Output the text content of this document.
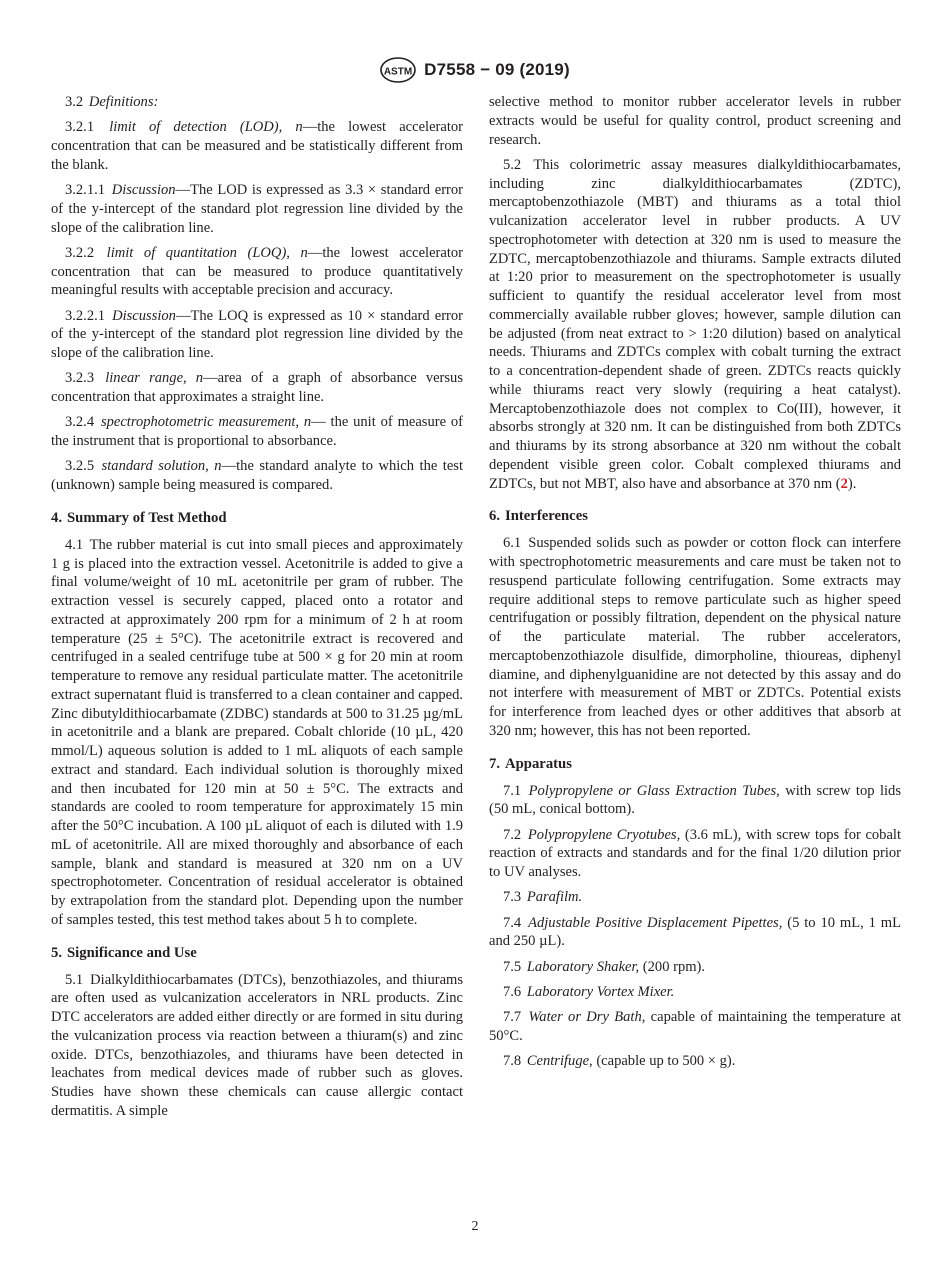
ASTM D7558 − 09 (2019)

3.2 Definitions:

3.2.1 limit of detection (LOD), n—the lowest accelerator concentration that can be measured and be statistically different from the blank.

3.2.1.1 Discussion—The LOD is expressed as 3.3 × standard error of the y-intercept of the standard plot regression line divided by the slope of the calibration line.

3.2.2 limit of quantitation (LOQ), n—the lowest accelerator concentration that can be measured to produce quantitatively meaningful results with acceptable precision and accuracy.

3.2.2.1 Discussion—The LOQ is expressed as 10 × standard error of the y-intercept of the standard plot regression line divided by the slope of the calibration line.

3.2.3 linear range, n—area of a graph of absorbance versus concentration that approximates a straight line.

3.2.4 spectrophotometric measurement, n— the unit of measure of the instrument that is proportional to absorbance.

3.2.5 standard solution, n—the standard analyte to which the test (unknown) sample being measured is compared.

4. Summary of Test Method

4.1 The rubber material is cut into small pieces and approximately 1 g is placed into the extraction vessel. Acetonitrile is added to give a final volume/weight of 10 mL acetonitrile per gram of rubber. The extraction vessel is securely capped, placed onto a rotator and extracted at approximately 200 rpm for a minimum of 2 h at room temperature (25 ± 5°C). The acetonitrile extract is recovered and centrifuged in a sealed centrifuge tube at 500 × g for 20 min at room temperature to remove any residual particulate matter. The acetonitrile extract supernatant fluid is transferred to a clean container and capped. Zinc dibutyldithiocarbamate (ZDBC) standards at 500 to 31.25 µg/mL in acetonitrile and a blank are prepared. Cobalt chloride (10 µL, 420 mmol/L) aqueous solution is added to 1 mL aliquots of each sample extract and standard. Each individual solution is thoroughly mixed and then incubated for 120 min at 50 ± 5°C. The extracts and standards are cooled to room temperature for approximately 15 min after the 50°C incubation. A 100 µL aliquot of each is diluted with 1.9 mL of acetonitrile. All are mixed thoroughly and absorbance of each sample, blank and standard is measured at 320 nm on a UV spectrophotometer. Concentration of residual accelerator is obtained by extrapolation from the standard plot. Depending upon the number of samples tested, this test method takes about 5 h to complete.

5. Significance and Use

5.1 Dialkyldithiocarbamates (DTCs), benzothiazoles, and thiurams are often used as vulcanization accelerators in NRL products. Zinc DTC accelerators are added either directly or are formed in situ during the vulcanization process via reaction between a thiuram(s) and zinc oxide. DTCs, benzothiazoles, and thiurams have been detected in leachates from medical devices made of rubber such as gloves. Studies have shown these chemicals can cause allergic contact dermatitis. A simple

selective method to monitor rubber accelerator levels in rubber extracts would be useful for quality control, product screening and research.

5.2 This colorimetric assay measures dialkyldithiocarbamates, including zinc dialkyldithiocarbamates (ZDTC), mercaptobenzothiazole (MBT) and thiurams as a total thiol vulcanization accelerator level in rubber products. A UV spectrophotometer with detection at 320 nm is used to measure the ZDTC, mercaptobenzothiazole and thiurams. Sample extracts diluted at 1:20 prior to measurement on the spectrophotometer is usually sufficient to quantify the residual accelerator level from most commercially available rubber gloves; however, sample dilution can be adjusted (from neat extract to > 1:20 dilution) based on analytical needs. Thiurams and ZDTCs complex with cobalt turning the extract to a concentration-dependent shade of green. ZDTCs reacts quickly while thiurams react very slowly (requiring a heat catalyst). Mercaptobenzothiazole does not complex to Co(III), however, it absorbs strongly at 320 nm. It can be distinguished from both ZDTCs and thiurams by its strong absorbance at 320 nm without the cobalt dependent visible green color. Cobalt complexed thiurams and ZDTCs, but not MBT, also have and absorbance at 370 nm (2).

6. Interferences

6.1 Suspended solids such as powder or cotton flock can interfere with spectrophotometric measurements and care must be taken not to resuspend particulate following centrifugation. Some extracts may require additional steps to remove particulate such as higher speed centrifugation or possibly filtration, dependent on the physical nature of the particulate material. The rubber accelerators, mercaptobenzothiazole disulfide, dimorpholine, thioureas, diphenyl diamine, and diphenylguanidine are not detected by this assay and do not interfere with measurement of MBT or ZDTCs. Potential exists for interference from leached dyes or other additives that absorb at 320 nm; however, this has not been reported.

7. Apparatus

7.1 Polypropylene or Glass Extraction Tubes, with screw top lids (50 mL, conical bottom).

7.2 Polypropylene Cryotubes, (3.6 mL), with screw tops for cobalt reaction of extracts and standards and for the final 1/20 dilution prior to UV analyses.

7.3 Parafilm.

7.4 Adjustable Positive Displacement Pipettes, (5 to 10 mL, 1 mL and 250 µL).

7.5 Laboratory Shaker, (200 rpm).

7.6 Laboratory Vortex Mixer.

7.7 Water or Dry Bath, capable of maintaining the temperature at 50°C.

7.8 Centrifuge, (capable up to 500 × g).

2
